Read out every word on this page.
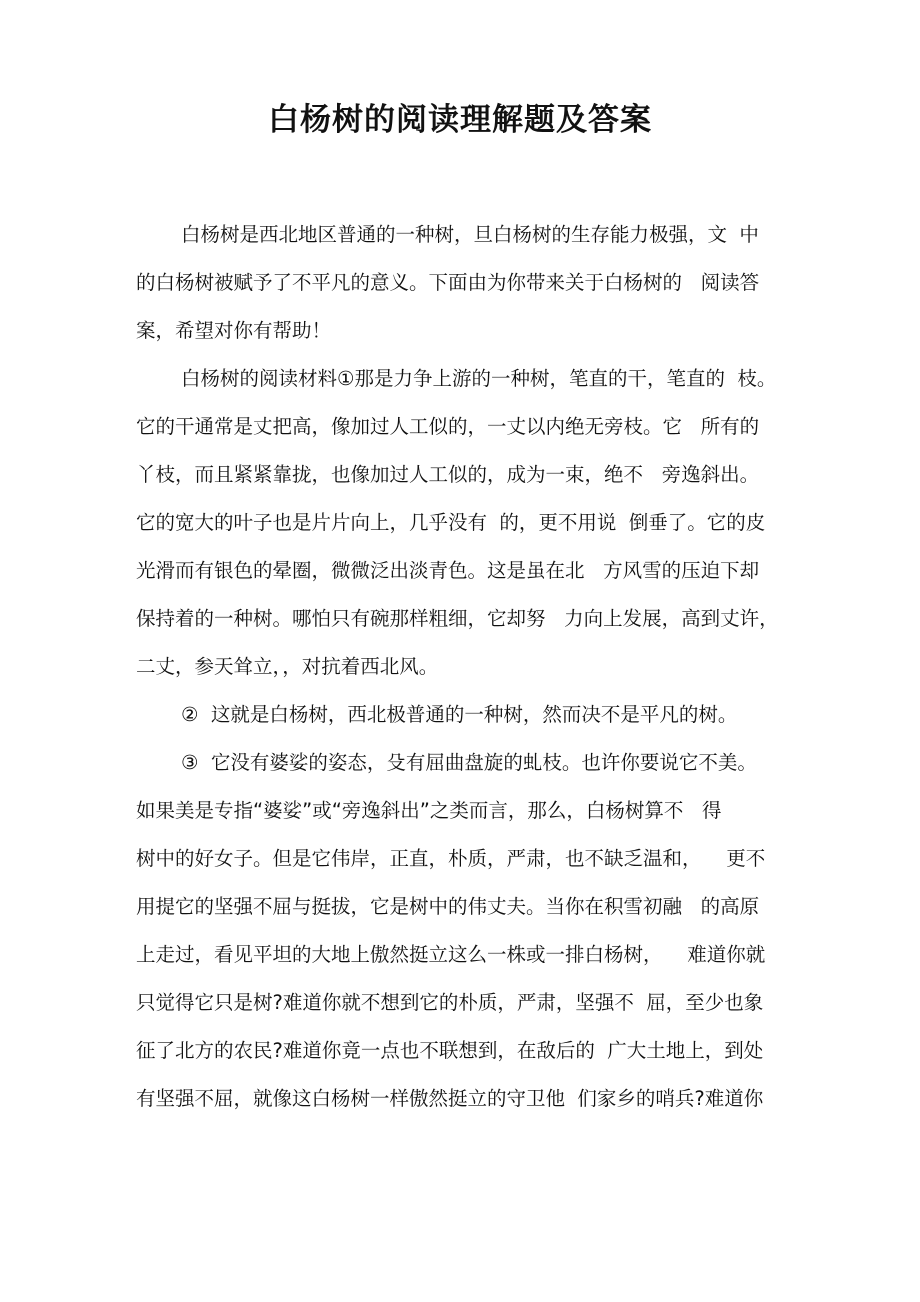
白杨树的阅读理解题及答案
白杨树是西北地区普通的一种树，旦白杨树的生存能力极强，文  中
的白杨树被赋予了不平凡的意义。下面由为你带来关于白杨树的   阅读答
案，希望对你有帮助！
白杨树的阅读材料①那是力争上游的一种树，笔直的干，笔直的  枝。
它的干通常是丈把高，像加过人工似的，一丈以内绝无旁枝。它   所有的
丫枝，而且紧紧靠拢，也像加过人工似的，成为一束，绝不   旁逸斜出。
它的宽大的叶子也是片片向上，几乎没有  的，更不用说  倒垂了。它的皮
光滑而有银色的晕圈，微微泛出淡青色。这是虽在北   方风雪的压迫下却
保持着的一种树。哪怕只有碗那样粗细，它却努   力向上发展，高到丈许，
二丈，参天耸立，，对抗着西北风。
②  这就是白杨树，西北极普通的一种树，然而决不是平凡的树。
③  它没有婆娑的姿态，殳有屈曲盘旋的虬枝。也许你要说它不美。
如果美是专指“婆娑”或“旁逸斜出”之类而言，那么，白杨树算不   得
树中的好女子。但是它伟岸，正直，朴质，严肃，也不缺乏温和，    更不
用提它的坚强不屈与挺拔，它是树中的伟丈夫。当你在积雪初融   的高原
上走过，看见平坦的大地上傲然挺立这么一株或一排白杨树，    难道你就
只觉得它只是树?难道你就不想到它的朴质，严肃，坚强不  屈，至少也象
征了北方的农民?难道你竟一点也不联想到，在敌后的  广大土地上，到处
有坚强不屈，就像这白杨树一样傲然挺立的守卫他  们家乡的哨兵?难道你
